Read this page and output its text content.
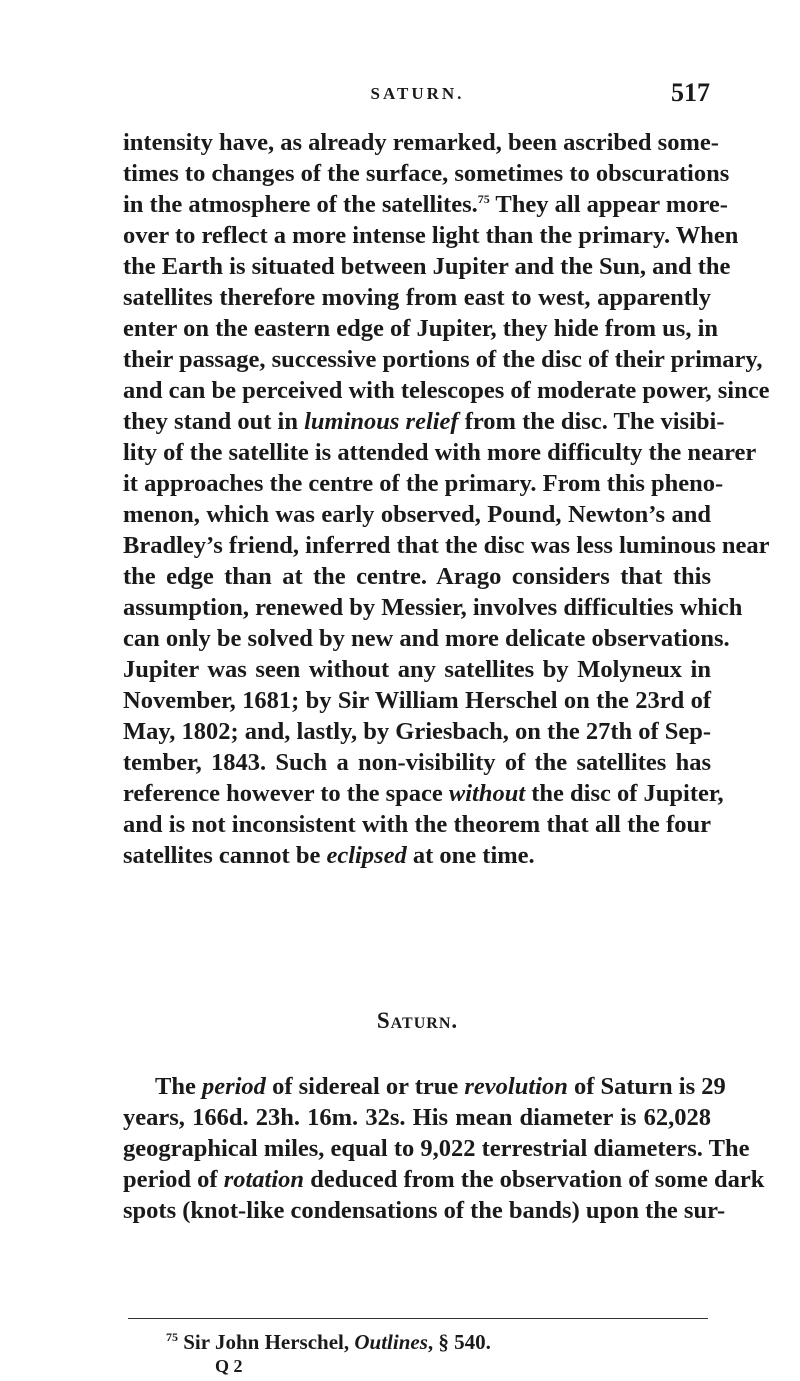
SATURN.	517
intensity have, as already remarked, been ascribed some-
times to changes of the surface, sometimes to obscurations
in the atmosphere of the satellites.$^{75}$ They all appear more-
over to reflect a more intense light than the primary. When
the Earth is situated between Jupiter and the Sun, and the
satellites therefore moving from east to west, apparently
enter on the eastern edge of Jupiter, they hide from us, in
their passage, successive portions of the disc of their primary,
and can be perceived with telescopes of moderate power, since
they stand out in luminous relief from the disc. The visibi-
lity of the satellite is attended with more difficulty the nearer
it approaches the centre of the primary. From this pheno-
menon, which was early observed, Pound, Newton’s and
Bradley’s friend, inferred that the disc was less luminous near
the edge than at the centre. Arago considers that this
assumption, renewed by Messier, involves difficulties which
can only be solved by new and more delicate observations.
Jupiter was seen without any satellites by Molyneux in
November, 1681; by Sir William Herschel on the 23rd of
May, 1802; and, lastly, by Griesbach, on the 27th of Sep-
tember, 1843. Such a non-visibility of the satellites has
reference however to the space without the disc of Jupiter,
and is not inconsistent with the theorem that all the four
satellites cannot be eclipsed at one time.
Saturn.
The period of sidereal or true revolution of Saturn is 29
years, 166d. 23h. 16m. 32s. His mean diameter is 62,028
geographical miles, equal to 9,022 terrestrial diameters. The
period of rotation deduced from the observation of some dark
spots (knot-like condensations of the bands) upon the sur-
$^{75}$ Sir John Herschel, Outlines, § 540.
Q 2
